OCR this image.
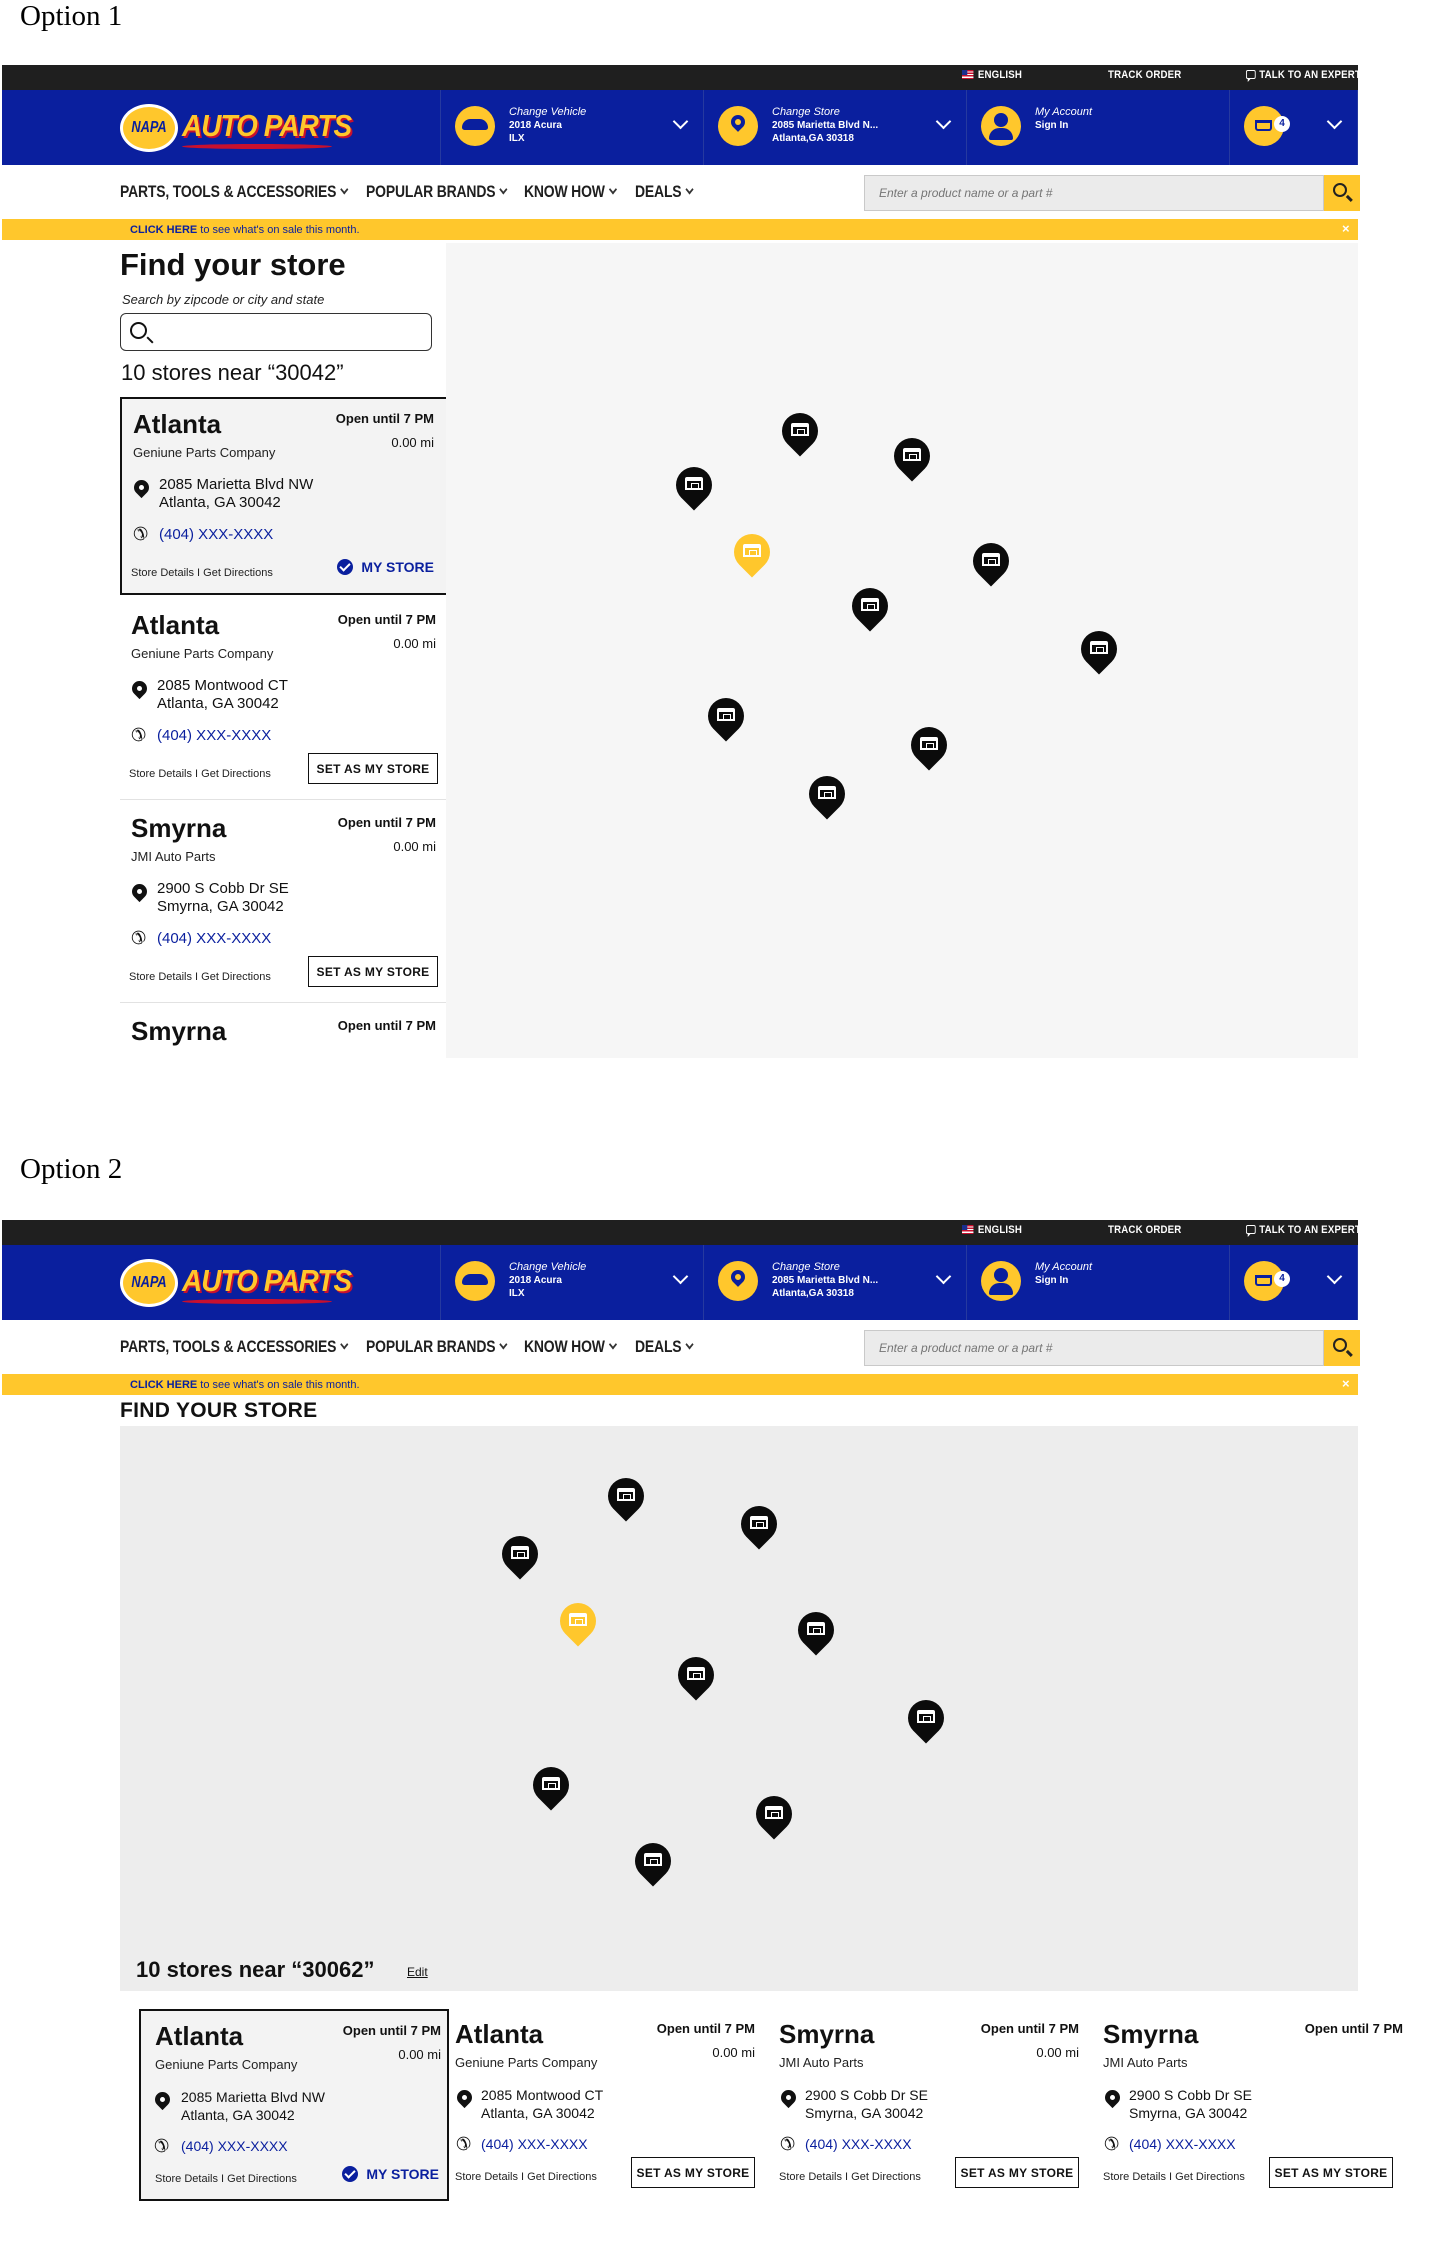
Option 1
ENGLISH	TRACK ORDER	TALK TO AN EXPERT
NAPA AUTO PARTS	Change Vehicle
2018 Acura
ILX
Change Store
2085 Marietta Blvd N...
Atlanta,GA 30318
My Account
Sign In	4
PARTS, TOOLS & ACCESSORIES	POPULAR BRANDS	KNOW HOW	DEALS
Enter a product name or a part #
CLICK HERE to see what's on sale this month.	×
Find your store
Search by zipcode or city and state
10 stores near “30042”
Atlanta	Open until 7 PM
0.00 mi
Geniune Parts Company
2085 Marietta Blvd NW
Atlanta, GA 30042
✆
(404) XXX-XXXX
Store Details I Get Directions	MY STORE
Atlanta	Open until 7 PM
0.00 mi
Geniune Parts Company
2085 Montwood CT
Atlanta, GA 30042
✆
(404) XXX-XXXX
Store Details I Get Directions	SET AS MY STORE
Smyrna	Open until 7 PM
0.00 mi
JMI Auto Parts
2900 S Cobb Dr SE
Smyrna, GA 30042
✆
(404) XXX-XXXX
Store Details I Get Directions	SET AS MY STORE
Smyrna	Open until 7 PM
Option 2
ENGLISH	TRACK ORDER	TALK TO AN EXPERT
NAPA AUTO PARTS	Change Vehicle
2018 Acura
ILX
Change Store
2085 Marietta Blvd N...
Atlanta,GA 30318
My Account
Sign In	4
PARTS, TOOLS & ACCESSORIES	POPULAR BRANDS	KNOW HOW	DEALS
Enter a product name or a part #
CLICK HERE to see what's on sale this month.	×
FIND YOUR STORE
10 stores near “30062”	Edit
Atlanta	Open until 7 PM
0.00 mi
Geniune Parts Company
2085 Marietta Blvd NW
Atlanta, GA 30042
✆
(404) XXX-XXXX
Store Details I Get Directions	MY STORE
Atlanta	Open until 7 PM
0.00 mi
Geniune Parts Company
2085 Montwood CT
Atlanta, GA 30042
✆
(404) XXX-XXXX
Store Details I Get Directions	SET AS MY STORE
Smyrna	Open until 7 PM
0.00 mi
JMI Auto Parts
2900 S Cobb Dr SE
Smyrna, GA 30042
✆
(404) XXX-XXXX
Store Details I Get Directions	SET AS MY STORE
Smyrna	Open until 7 PM
JMI Auto Parts
2900 S Cobb Dr SE
Smyrna, GA 30042
✆
(404) XXX-XXXX
Store Details I Get Directions	SET AS MY STORE
